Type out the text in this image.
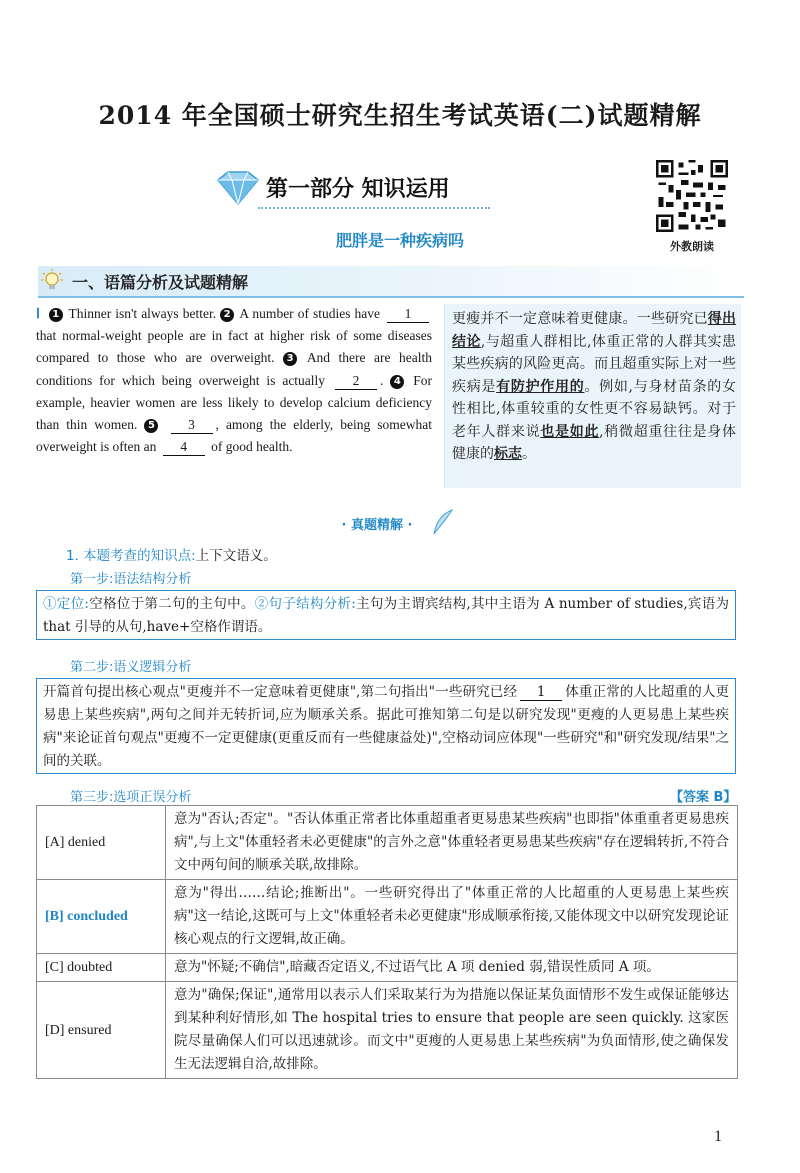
2014 年全国硕士研究生招生考试英语(二)试题精解
第一部分 知识运用
外教朗读
肥胖是一种疾病吗
一、语篇分析及试题精解
Ⅰ 1 Thinner isn't always better. 2 A number of studies have 1 that normal-weight people are in fact at higher risk of some diseases compared to those who are overweight. 3 And there are health conditions for which being overweight is actually 2 . 4 For example, heavier women are less likely to develop calcium deficiency than thin women. 5 3 , among the elderly, being somewhat overweight is often an 4 of good health.
更瘦并不一定意味着更健康。一些研究已得出结论,与超重人群相比,体重正常的人群其实患某些疾病的风险更高。而且超重实际上对一些疾病是有防护作用的。例如,与身材苗条的女性相比,体重较重的女性更不容易缺钙。对于老年人群来说也是如此,稍微超重往往是身体健康的标志。
· 真题精解 ·
1. 本题考查的知识点:上下文语义。
第一步:语法结构分析
①定位:空格位于第二句的主句中。②句子结构分析:主句为主谓宾结构,其中主语为 A number of studies,宾语为 that 引导的从句,have+空格作谓语。
第二步:语义逻辑分析
开篇首句提出核心观点"更瘦并不一定意味着更健康",第二句指出"一些研究已经 1 体重正常的人比超重的人更易患上某些疾病",两句之间并无转折词,应为顺承关系。据此可推知第二句是以研究发现"更瘦的人更易患上某些疾病"来论证首句观点"更瘦不一定更健康(更重反而有一些健康益处)",空格动词应体现"一些研究"和"研究发现/结果"之间的关联。
第三步:选项正误分析	【答案 B】
[A] denied	意为"否认;否定"。"否认体重正常者比体重超重者更易患某些疾病"也即指"体重重者更易患疾病",与上文"体重轻者未必更健康"的言外之意"体重轻者更易患某些疾病"存在逻辑转折,不符合文中两句间的顺承关联,故排除。
[B] concluded	意为"得出……结论;推断出"。一些研究得出了"体重正常的人比超重的人更易患上某些疾病"这一结论,这既可与上文"体重轻者未必更健康"形成顺承衔接,又能体现文中以研究发现论证核心观点的行文逻辑,故正确。
[C] doubted	意为"怀疑;不确信",暗藏否定语义,不过语气比 A 项 denied 弱,错误性质同 A 项。
[D] ensured	意为"确保;保证",通常用以表示人们采取某行为为措施以保证某负面情形不发生或保证能够达到某种利好情形,如 The hospital tries to ensure that people are seen quickly. 这家医院尽量确保人们可以迅速就诊。而文中"更瘦的人更易患上某些疾病"为负面情形,使之确保发生无法逻辑自洽,故排除。
1
